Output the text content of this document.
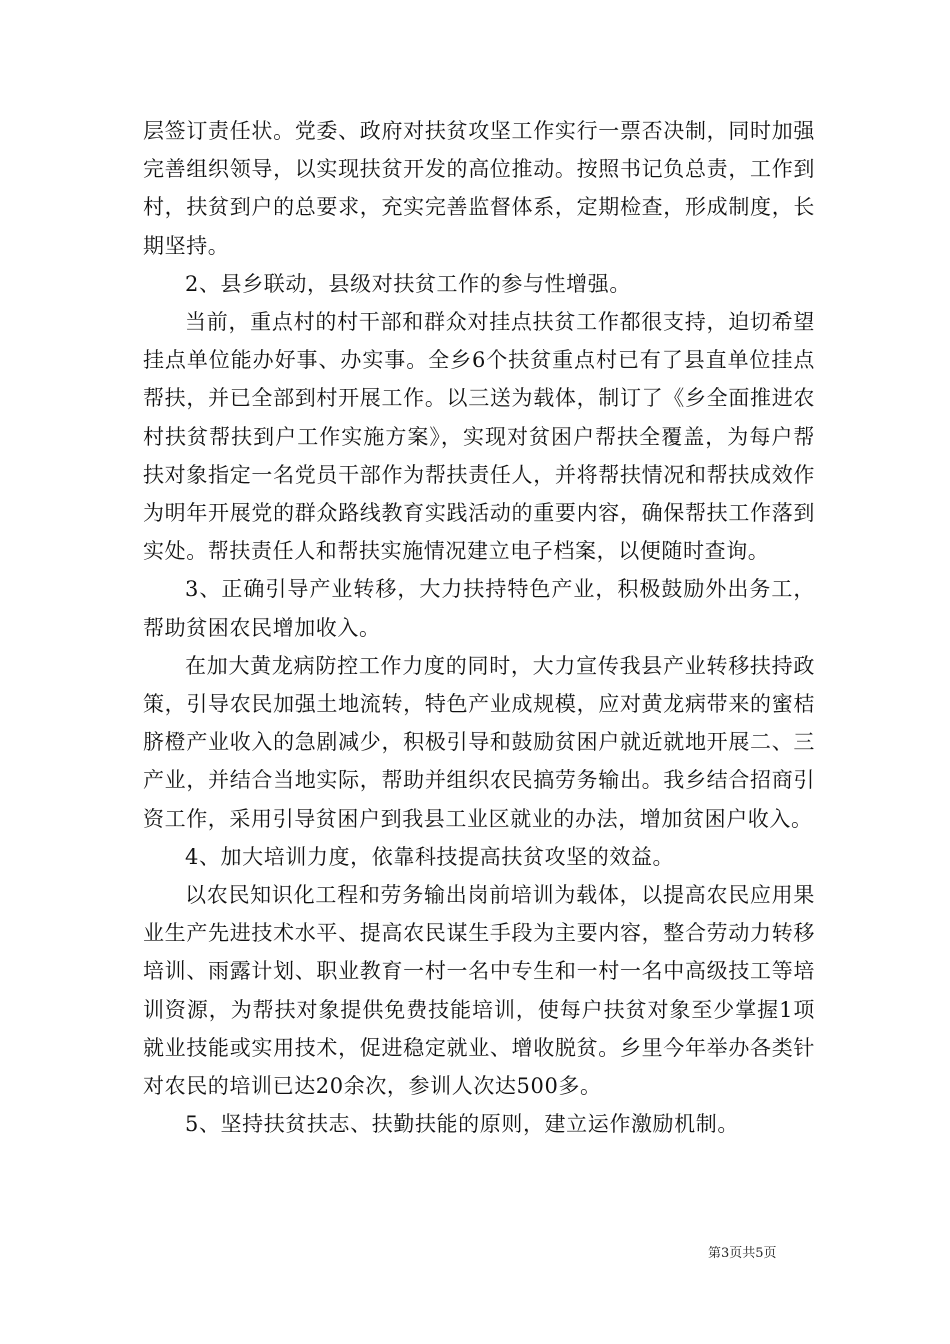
层签订责任状。党委、政府对扶贫攻坚工作实行一票否决制，同时加强完善组织领导，以实现扶贫开发的高位推动。按照书记负总责，工作到村，扶贫到户的总要求，充实完善监督体系，定期检查，形成制度，长期坚持。

2、县乡联动，县级对扶贫工作的参与性增强。

当前，重点村的村干部和群众对挂点扶贫工作都很支持，迫切希望挂点单位能办好事、办实事。全乡6个扶贫重点村已有了县直单位挂点帮扶，并已全部到村开展工作。以三送为载体，制订了《乡全面推进农村扶贫帮扶到户工作实施方案》，实现对贫困户帮扶全覆盖，为每户帮扶对象指定一名党员干部作为帮扶责任人，并将帮扶情况和帮扶成效作为明年开展党的群众路线教育实践活动的重要内容，确保帮扶工作落到实处。帮扶责任人和帮扶实施情况建立电子档案，以便随时查询。

3、正确引导产业转移，大力扶持特色产业，积极鼓励外出务工，帮助贫困农民增加收入。

在加大黄龙病防控工作力度的同时，大力宣传我县产业转移扶持政策，引导农民加强土地流转，特色产业成规模，应对黄龙病带来的蜜桔脐橙产业收入的急剧减少，积极引导和鼓励贫困户就近就地开展二、三产业，并结合当地实际，帮助并组织农民搞劳务输出。我乡结合招商引资工作，采用引导贫困户到我县工业区就业的办法，增加贫困户收入。

4、加大培训力度，依靠科技提高扶贫攻坚的效益。

以农民知识化工程和劳务输出岗前培训为载体，以提高农民应用果业生产先进技术水平、提高农民谋生手段为主要内容，整合劳动力转移培训、雨露计划、职业教育一村一名中专生和一村一名中高级技工等培训资源，为帮扶对象提供免费技能培训，使每户扶贫对象至少掌握1项就业技能或实用技术，促进稳定就业、增收脱贫。乡里今年举办各类针对农民的培训已达20余次，参训人次达500多。

5、坚持扶贫扶志、扶勤扶能的原则，建立运作激励机制。

第3页共5页
